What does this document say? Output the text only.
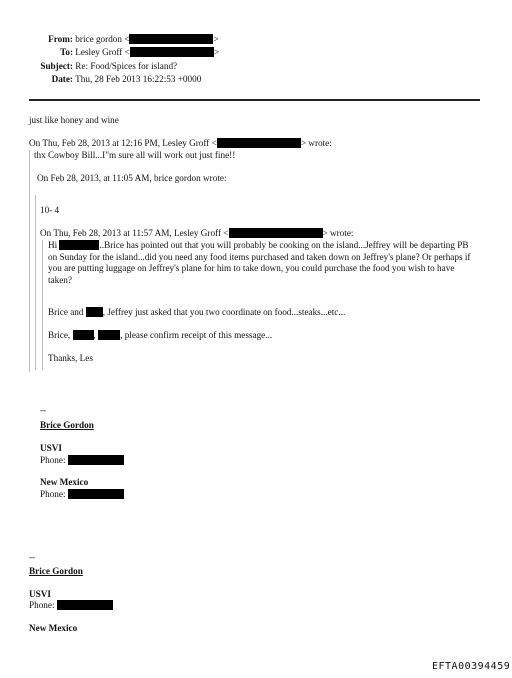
From: brice gordon <	>
To: Lesley Groff <	>
Subject: Re: Food/Spices for island?
Date: Thu, 28 Feb 2013 16:22:53 +0000
just like honey and wine
On Thu, Feb 28, 2013 at 12:16 PM, Lesley Groff <	> wrote:
thx Cowboy Bill...I"m sure all will work out just fine!!
On Feb 28, 2013, at 11:05 AM, brice gordon wrote:
10- 4
On Thu, Feb 28, 2013 at 11:57 AM, Lesley Groff <	> wrote:
Hi	..Brice has pointed out that you will probably be cooking on the island...Jeffrey will be departing PB on Sunday for the island...did you need any food items purchased and taken down on Jeffrey's plane? Or perhaps if you are putting luggage on Jeffrey's plane for him to take down, you could purchase the food you wish to have taken?
Brice and , Jeffrey just asked that you two coordinate on food...steaks...etc...
Brice,	,	, please confirm receipt of this message...
Thanks, Les
--
Brice Gordon
USVI
Phone:
New Mexico
Phone:
--
Brice Gordon
USVI
Phone:
New Mexico
EFTA00394459
